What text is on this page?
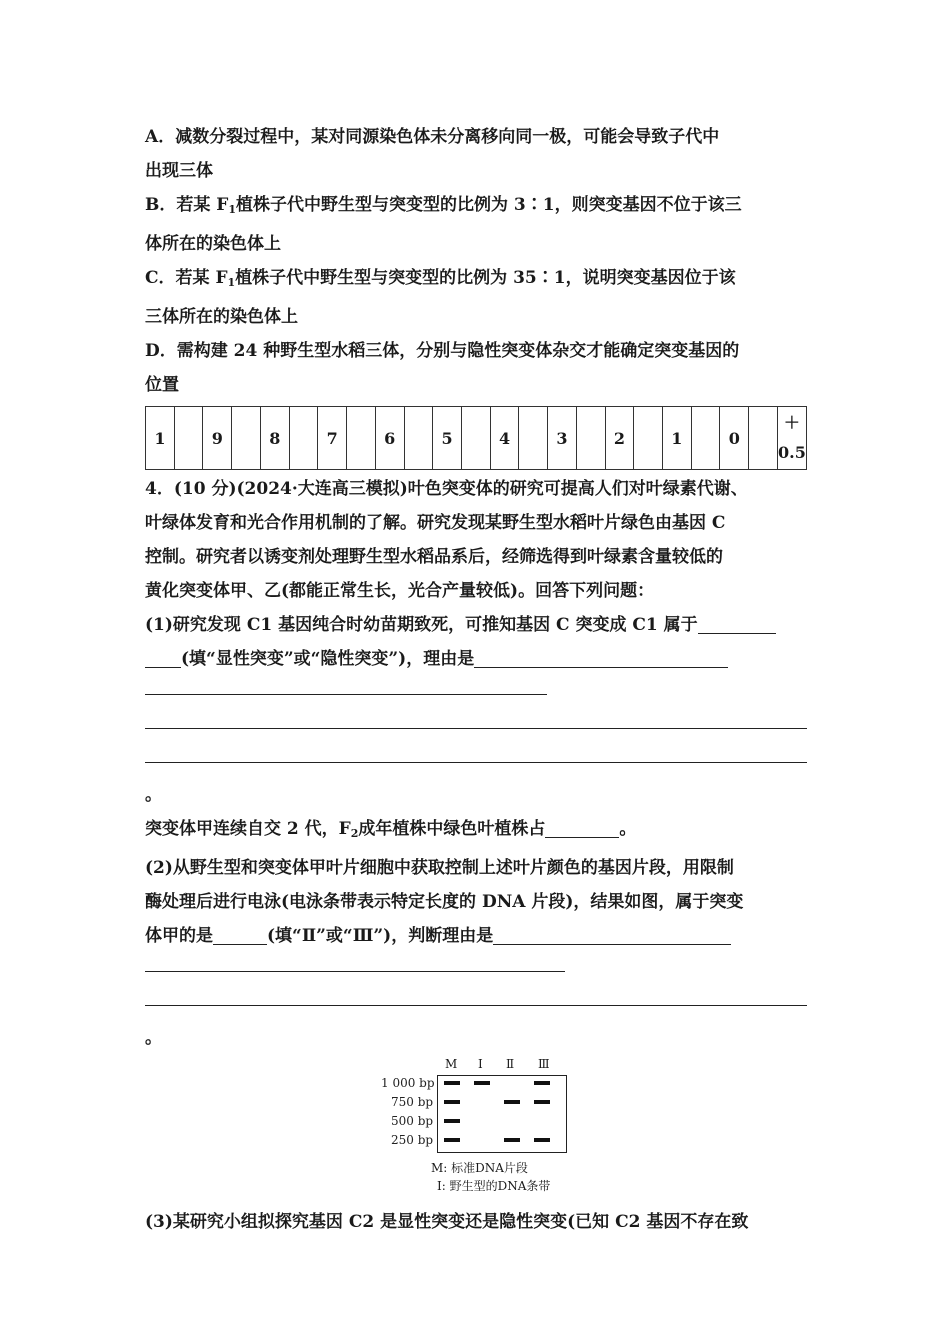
A．减数分裂过程中，某对同源染色体未分离移向同一极，可能会导致子代中
出现三体
B．若某 $F_1$植株子代中野生型与突变型的比例为 3∶1，则突变基因不位于该三
体所在的染色体上
C．若某 $F_1$植株子代中野生型与突变型的比例为 35∶1，说明突变基因位于该
三体所在的染色体上
D．需构建 24 种野生型水稻三体，分别与隐性突变体杂交才能确定突变基因的
位置
1		9		8		7		6		5		4		3		2		1		0		＋
0.5
4．(10 分)(2024·大连高三模拟)叶色突变体的研究可提高人们对叶绿素代谢、
叶绿体发育和光合作用机制的了解。研究发现某野生型水稻叶片绿色由基因 C
控制。研究者以诱变剂处理野生型水稻品系后，经筛选得到叶绿素含量较低的
黄化突变体甲、乙(都能正常生长，光合产量较低)。回答下列问题：
(1)研究发现 C1 基因纯合时幼苗期致死，可推知基因 C 突变成 C1 属于
(填“显性突变”或“隐性突变”)，理由是
。
突变体甲连续自交 2 代，$F_2$成年植株中绿色叶植株占	。
(2)从野生型和突变体甲叶片细胞中获取控制上述叶片颜色的基因片段，用限制
酶处理后进行电泳(电泳条带表示特定长度的 DNA 片段)，结果如图，属于突变
体甲的是	(填“Ⅱ”或“Ⅲ”)，判断理由是
。
M Ⅰ Ⅱ Ⅲ
1 000 bp
750 bp
500 bp
250 bp
M: 标准DNA片段
Ⅰ: 野生型的DNA条带
(3)某研究小组拟探究基因 C2 是显性突变还是隐性突变(已知 C2 基因不存在致
